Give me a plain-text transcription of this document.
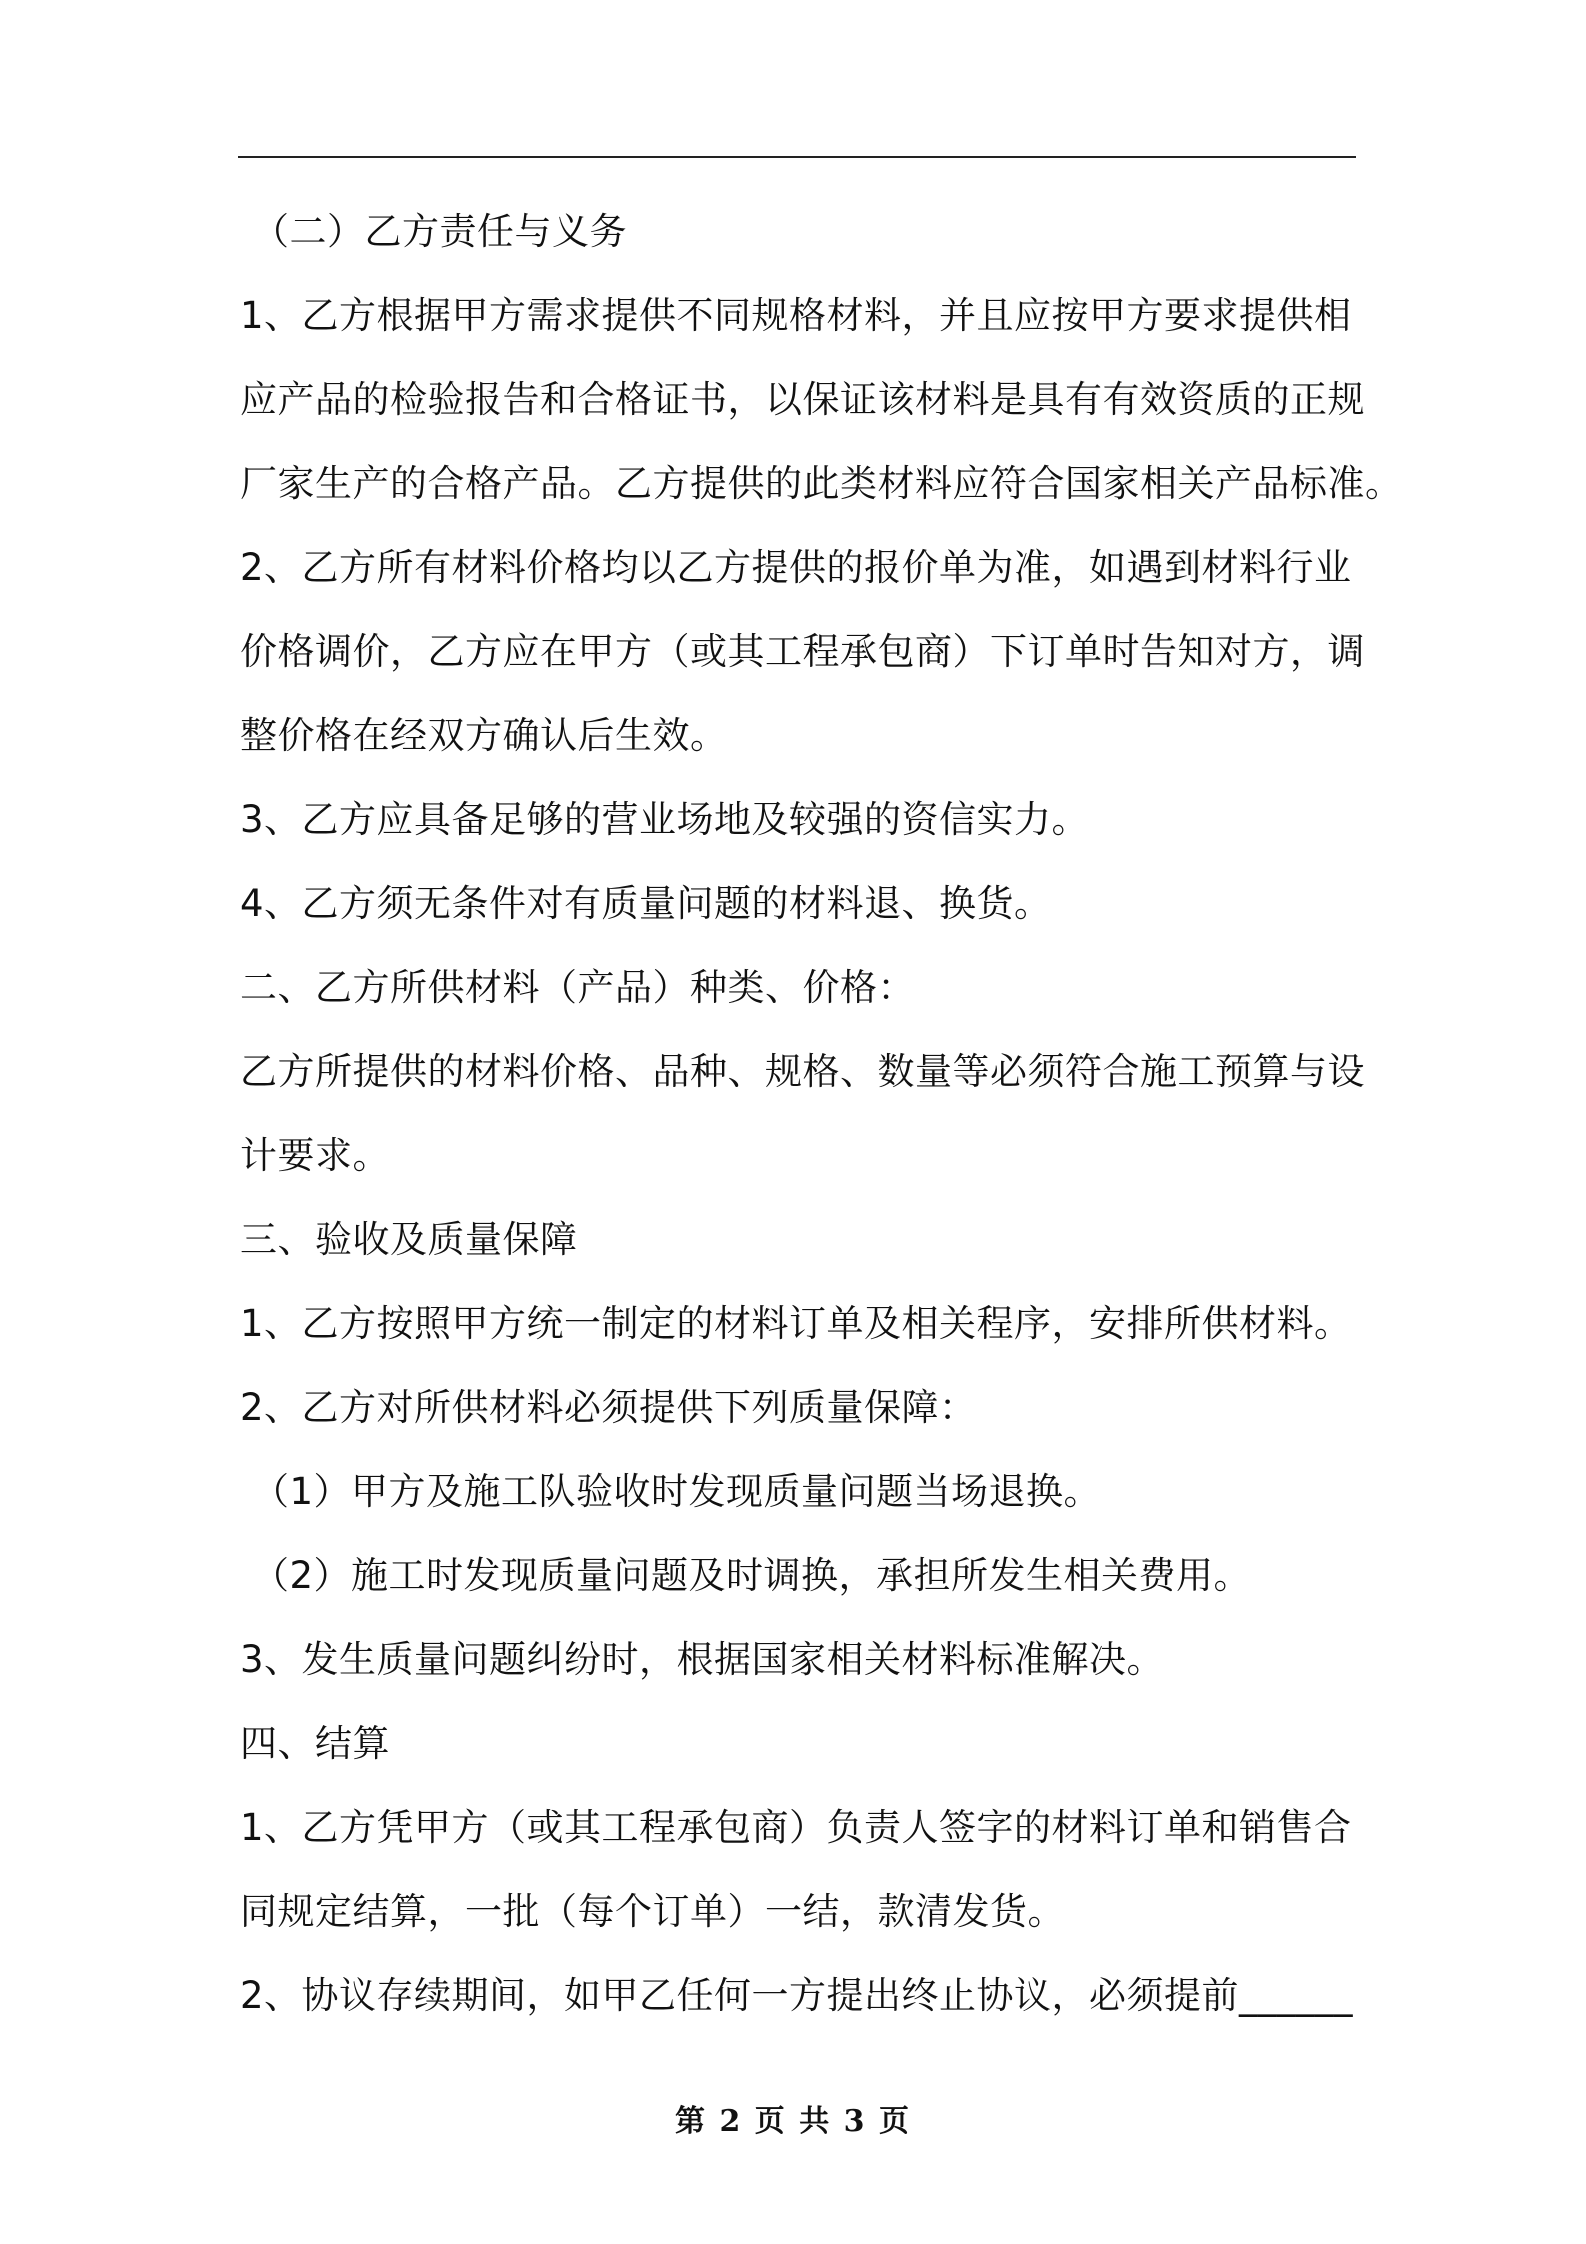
（二）乙方责任与义务
1、乙方根据甲方需求提供不同规格材料，并且应按甲方要求提供相
应产品的检验报告和合格证书，以保证该材料是具有有效资质的正规
厂家生产的合格产品。乙方提供的此类材料应符合国家相关产品标准。
2、乙方所有材料价格均以乙方提供的报价单为准，如遇到材料行业
价格调价，乙方应在甲方（或其工程承包商）下订单时告知对方，调
整价格在经双方确认后生效。
3、乙方应具备足够的营业场地及较强的资信实力。
4、乙方须无条件对有质量问题的材料退、换货。
二、乙方所供材料（产品）种类、价格：
乙方所提供的材料价格、品种、规格、数量等必须符合施工预算与设
计要求。
三、验收及质量保障
1、乙方按照甲方统一制定的材料订单及相关程序，安排所供材料。
2、乙方对所供材料必须提供下列质量保障：
（1）甲方及施工队验收时发现质量问题当场退换。
（2）施工时发现质量问题及时调换，承担所发生相关费用。
3、发生质量问题纠纷时，根据国家相关材料标准解决。
四、结算
1、乙方凭甲方（或其工程承包商）负责人签字的材料订单和销售合
同规定结算，一批（每个订单）一结，款清发货。
2、协议存续期间，如甲乙任何一方提出终止协议，必须提前______
第 2 页 共 3 页
